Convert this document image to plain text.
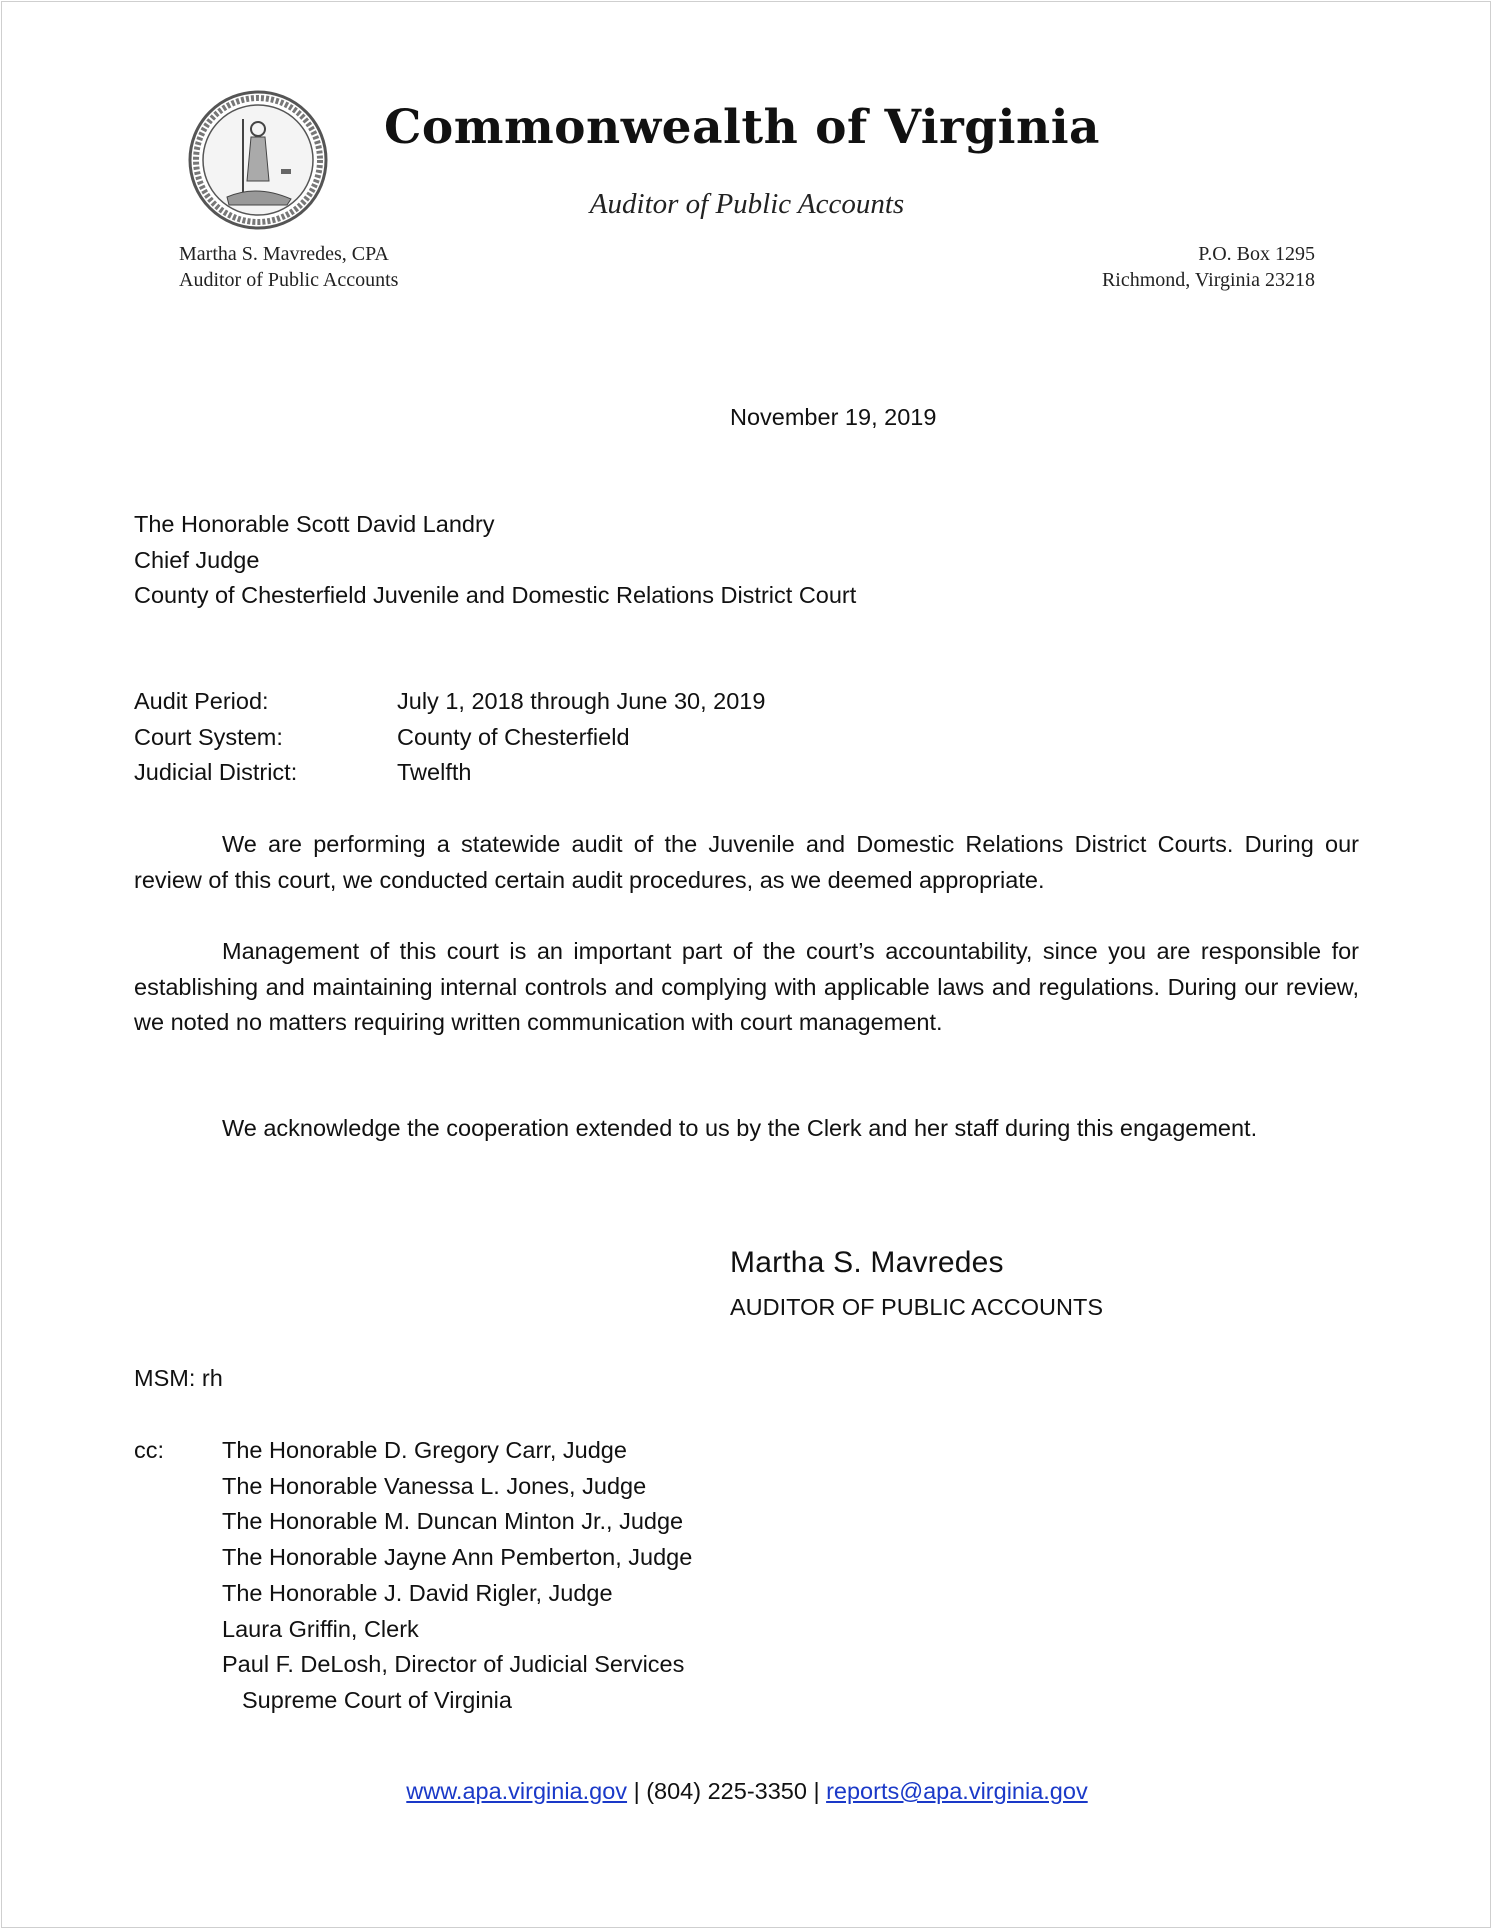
Commonwealth of Virginia
Auditor of Public Accounts
Martha S. Mavredes, CPA
Auditor of Public Accounts
P.O. Box 1295
Richmond, Virginia 23218
November 19, 2019
The Honorable Scott David Landry
Chief Judge
County of Chesterfield Juvenile and Domestic Relations District Court
Audit Period:	July 1, 2018 through June 30, 2019
Court System:	County of Chesterfield
Judicial District:	Twelfth
We are performing a statewide audit of the Juvenile and Domestic Relations District Courts. During our review of this court, we conducted certain audit procedures, as we deemed appropriate.
Management of this court is an important part of the court’s accountability, since you are responsible for establishing and maintaining internal controls and complying with applicable laws and regulations. During our review, we noted no matters requiring written communication with court management.
We acknowledge the cooperation extended to us by the Clerk and her staff during this engagement.
Martha S. Mavredes
AUDITOR OF PUBLIC ACCOUNTS
MSM: rh
cc: The Honorable D. Gregory Carr, Judge
The Honorable Vanessa L. Jones, Judge
The Honorable M. Duncan Minton Jr., Judge
The Honorable Jayne Ann Pemberton, Judge
The Honorable J. David Rigler, Judge
Laura Griffin, Clerk
Paul F. DeLosh, Director of Judicial Services
Supreme Court of Virginia
www.apa.virginia.gov | (804) 225-3350 | reports@apa.virginia.gov
